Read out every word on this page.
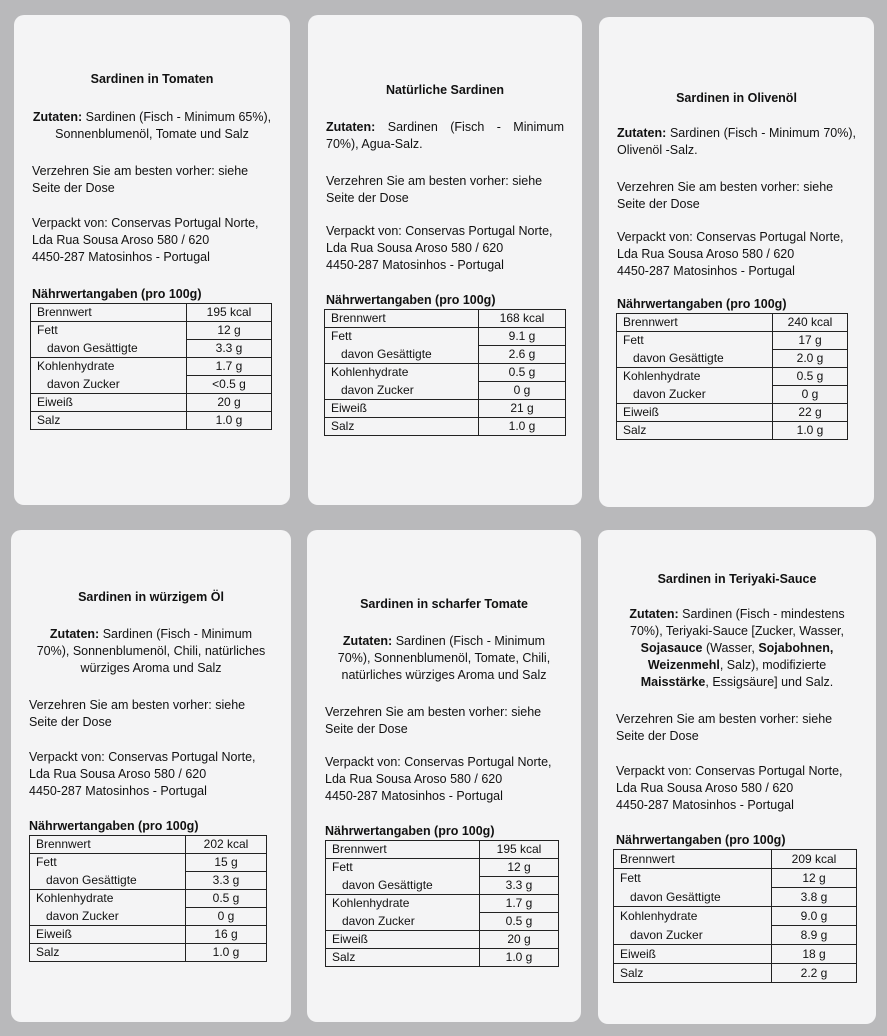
Sardinen in Tomaten
Zutaten: Sardinen (Fisch - Minimum 65%), Sonnenblumenöl, Tomate und Salz

Verzehren Sie am besten vorher: siehe Seite der Dose

Verpackt von: Conservas Portugal Norte,
Lda Rua Sousa Aroso 580 / 620
4450-287 Matosinhos - Portugal
Nährwertangaben (pro 100g)
Brennwert	195 kcal
Fett	12 g
davon Gesättigte	3.3 g
Kohlenhydrate	1.7 g
davon Zucker	<0.5 g
Eiweiß	20 g
Salz	1.0 g
Natürliche Sardinen
Zutaten: Sardinen (Fisch - Minimum 70%), Agua-Salz.

Verzehren Sie am besten vorher: siehe Seite der Dose

Verpackt von: Conservas Portugal Norte,
Lda Rua Sousa Aroso 580 / 620
4450-287 Matosinhos - Portugal
Nährwertangaben (pro 100g)
Brennwert	168 kcal
Fett	9.1 g
davon Gesättigte	2.6 g
Kohlenhydrate	0.5 g
davon Zucker	0 g
Eiweiß	21 g
Salz	1.0 g
Sardinen in Olivenöl
Zutaten: Sardinen (Fisch - Minimum 70%), Olivenöl -Salz.

Verzehren Sie am besten vorher: siehe Seite der Dose

Verpackt von: Conservas Portugal Norte,
Lda Rua Sousa Aroso 580 / 620
4450-287 Matosinhos - Portugal
Nährwertangaben (pro 100g)
Brennwert	240 kcal
Fett	17 g
davon Gesättigte	2.0 g
Kohlenhydrate	0.5 g
davon Zucker	0 g
Eiweiß	22 g
Salz	1.0 g
Sardinen in würzigem Öl
Zutaten: Sardinen (Fisch - Minimum 70%), Sonnenblumenöl, Chili, natürliches würziges Aroma und Salz

Verzehren Sie am besten vorher: siehe Seite der Dose

Verpackt von: Conservas Portugal Norte,
Lda Rua Sousa Aroso 580 / 620
4450-287 Matosinhos - Portugal
Nährwertangaben (pro 100g)
Brennwert	202 kcal
Fett	15 g
davon Gesättigte	3.3 g
Kohlenhydrate	0.5 g
davon Zucker	0 g
Eiweiß	16 g
Salz	1.0 g
Sardinen in scharfer Tomate
Zutaten: Sardinen (Fisch - Minimum 70%), Sonnenblumenöl, Tomate, Chili, natürliches würziges Aroma und Salz

Verzehren Sie am besten vorher: siehe Seite der Dose

Verpackt von: Conservas Portugal Norte,
Lda Rua Sousa Aroso 580 / 620
4450-287 Matosinhos - Portugal
Nährwertangaben (pro 100g)
Brennwert	195 kcal
Fett	12 g
davon Gesättigte	3.3 g
Kohlenhydrate	1.7 g
davon Zucker	0.5 g
Eiweiß	20 g
Salz	1.0 g
Sardinen in Teriyaki-Sauce
Zutaten: Sardinen (Fisch - mindestens 70%), Teriyaki-Sauce [Zucker, Wasser, Sojasauce (Wasser, Sojabohnen, Weizenmehl, Salz), modifizierte Maisstärke, Essigsäure] und Salz.

Verzehren Sie am besten vorher: siehe Seite der Dose

Verpackt von: Conservas Portugal Norte,
Lda Rua Sousa Aroso 580 / 620
4450-287 Matosinhos - Portugal
Nährwertangaben (pro 100g)
Brennwert	209 kcal
Fett	12 g
davon Gesättigte	3.8 g
Kohlenhydrate	9.0 g
davon Zucker	8.9 g
Eiweiß	18 g
Salz	2.2 g
